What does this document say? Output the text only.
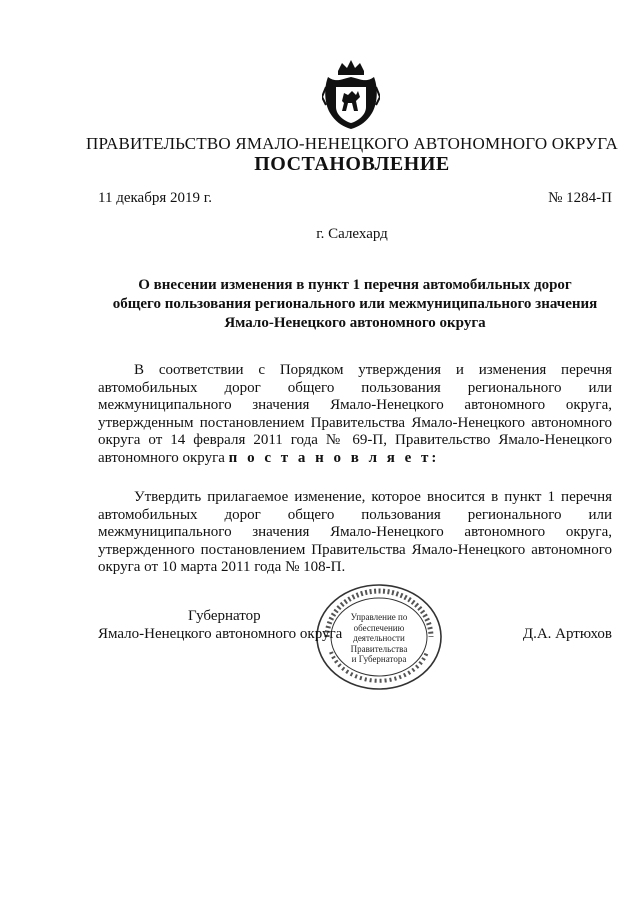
ПРАВИТЕЛЬСТВО ЯМАЛО-НЕНЕЦКОГО АВТОНОМНОГО ОКРУГА
ПОСТАНОВЛЕНИЕ
11 декабря 2019 г.	№ 1284-П
г. Салехард
О внесении изменения в пункт 1 перечня автомобильных дорог
общего пользования регионального или межмуниципального значения
Ямало-Ненецкого автономного округа
В соответствии с Порядком утверждения и изменения перечня
автомобильных дорог общего пользования регионального или
межмуниципального значения Ямало-Ненецкого автономного округа,
утвержденным постановлением Правительства Ямало-Ненецкого автономного
округа от 14 февраля 2011 года № 69-П, Правительство Ямало-Ненецкого
автономного округа п о с т а н о в л я е т:
Утвердить прилагаемое изменение, которое вносится в пункт 1 перечня
автомобильных дорог общего пользования регионального или
межмуниципального значения Ямало-Ненецкого автономного округа,
утвержденного постановлением Правительства Ямало-Ненецкого автономного
округа от 10 марта 2011 года № 108-П.
Управление по
обеспечению
деятельности
Правительства
и Губернатора
Губернатор
Ямало-Ненецкого автономного округа	Д.А. Артюхов
